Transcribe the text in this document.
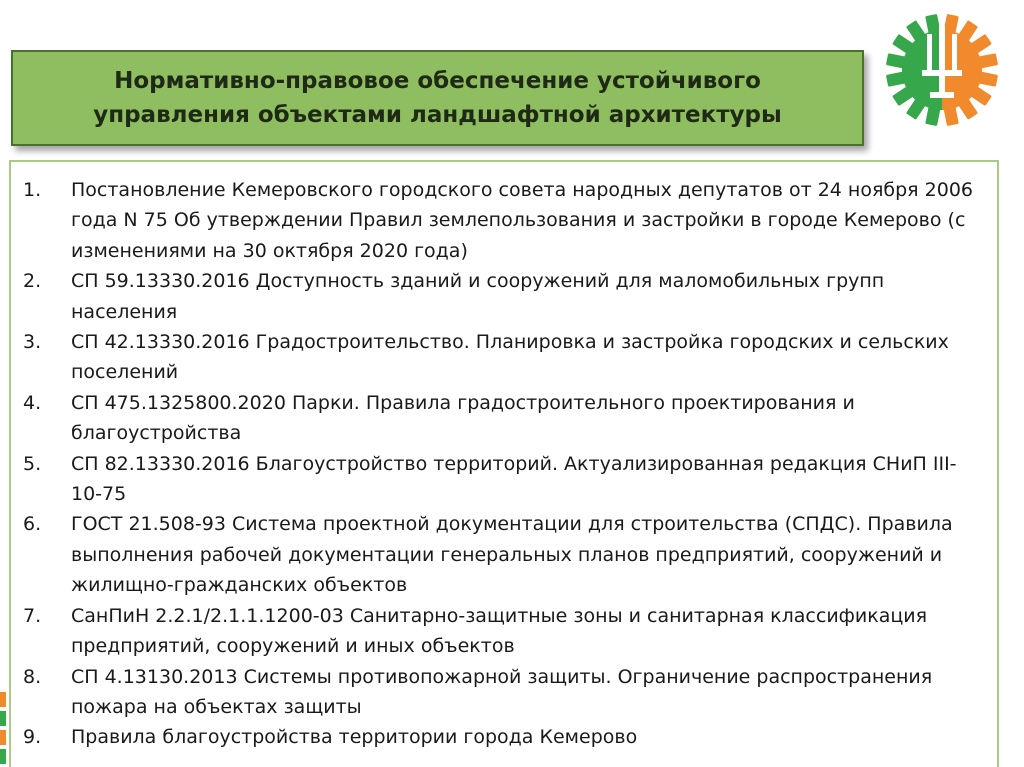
Нормативно-правовое обеспечение устойчивого
управления объектами ландшафтной архитектуры
1.	Постановление Кемеровского городского совета народных депутатов от 24 ноября 2006 года N 75 Об утверждении Правил землепользования и застройки в городе Кемерово (с изменениями на 30 октября 2020 года)
2.	СП 59.13330.2016 Доступность зданий и сооружений для маломобильных групп населения
3.	СП 42.13330.2016 Градостроительство. Планировка и застройка городских и сельских поселений
4.	СП 475.1325800.2020 Парки. Правила градостроительного проектирования и благоустройства
5.	СП 82.13330.2016 Благоустройство территорий. Актуализированная редакция СНиП III-10-75
6.	ГОСТ 21.508-93 Система проектной документации для строительства (СПДС). Правила выполнения рабочей документации генеральных планов предприятий, сооружений и жилищно-гражданских объектов
7.	СанПиН 2.2.1/2.1.1.1200-03 Санитарно-защитные зоны и санитарная классификация предприятий, сооружений и иных объектов
8.	СП 4.13130.2013 Системы противопожарной защиты. Ограничение распространения пожара на объектах защиты
9.	Правила благоустройства территории города Кемерово
